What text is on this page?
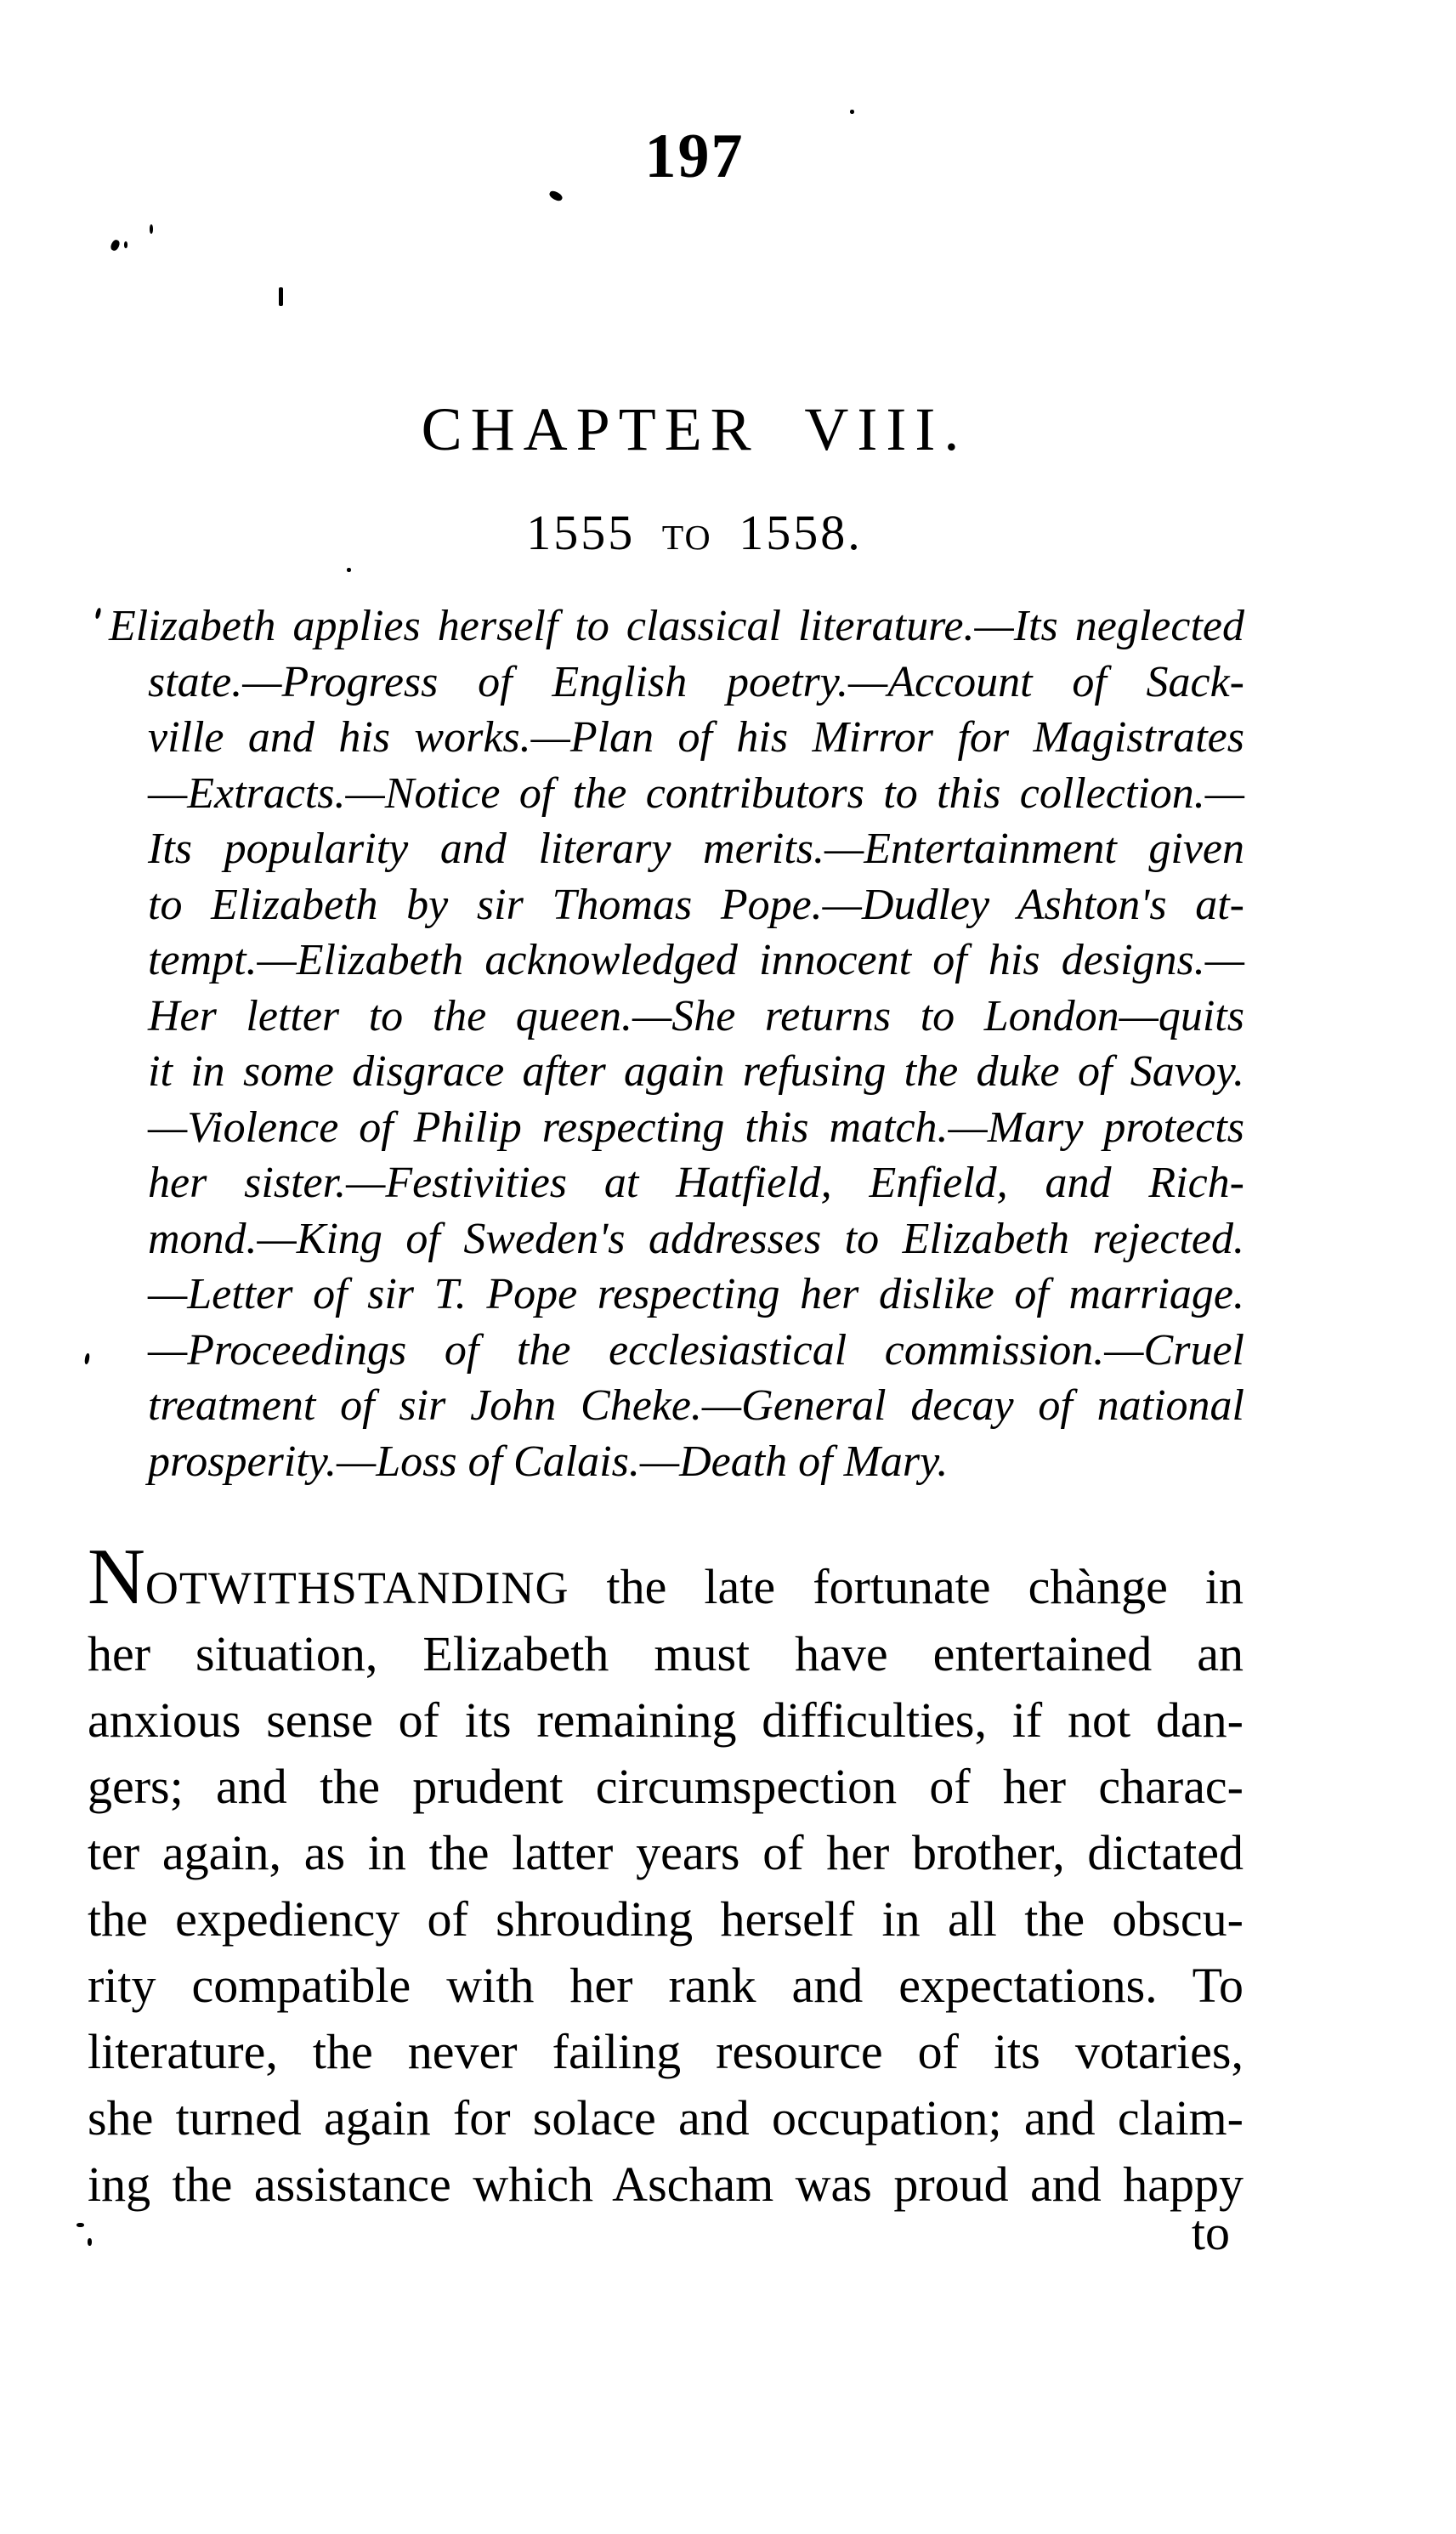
197
CHAPTER VIII.
1555 TO 1558.
Elizabeth applies herself to classical literature.—Its neglected
state.—Progress of English poetry.—Account of Sack-
ville and his works.—Plan of his Mirror for Magistrates
—Extracts.—Notice of the contributors to this collection.—
Its popularity and literary merits.—Entertainment given
to Elizabeth by sir Thomas Pope.—Dudley Ashton's at-
tempt.—Elizabeth acknowledged innocent of his designs.—
Her letter to the queen.—She returns to London—quits
it in some disgrace after again refusing the duke of Savoy.
—Violence of Philip respecting this match.—Mary protects
her sister.—Festivities at Hatfield, Enfield, and Rich-
mond.—King of Sweden's addresses to Elizabeth rejected.
—Letter of sir T. Pope respecting her dislike of marriage.
—Proceedings of the ecclesiastical commission.—Cruel
treatment of sir John Cheke.—General decay of national
prosperity.—Loss of Calais.—Death of Mary.
NOTWITHSTANDING the late fortunate chànge in
her situation, Elizabeth must have entertained an
anxious sense of its remaining difficulties, if not dan-
gers; and the prudent circumspection of her charac-
ter again, as in the latter years of her brother, dictated
the expediency of shrouding herself in all the obscu-
rity compatible with her rank and expectations. To
literature, the never failing resource of its votaries,
she turned again for solace and occupation; and claim-
ing the assistance which Ascham was proud and happy
to
